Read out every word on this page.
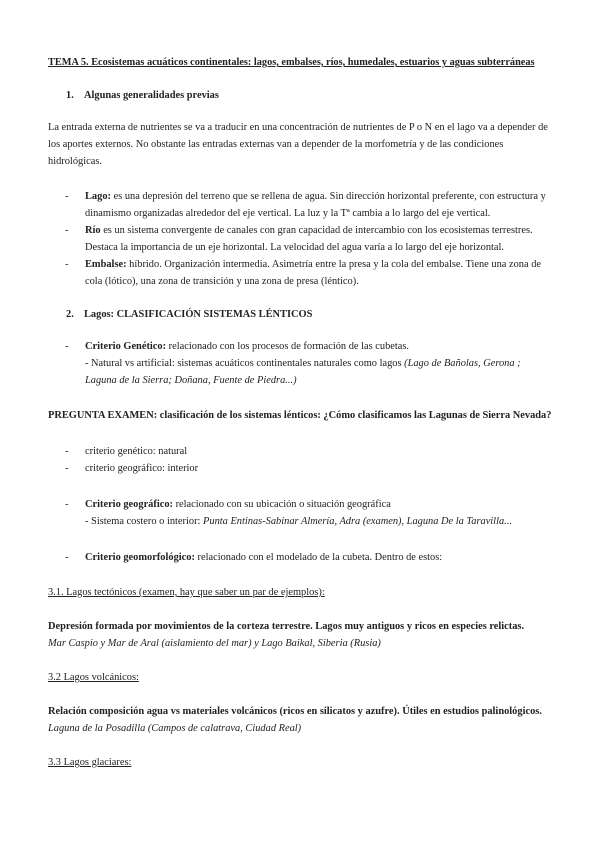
TEMA 5. Ecosistemas acuáticos continentales: lagos, embalses, ríos, humedales, estuarios y aguas subterráneas

1. Algunas generalidades previas

La entrada externa de nutrientes se va a traducir en una concentración de nutrientes de P o N en el lago va a depender de los aportes externos. No obstante las entradas externas van a depender de la morfometría y de las condiciones hidrológicas.

- Lago: es una depresión del terreno que se rellena de agua. Sin dirección horizontal preferente, con estructura y dinamismo organizadas alrededor del eje vertical. La luz y la Tª cambia a lo largo del eje vertical.
- Río es un sistema convergente de canales con gran capacidad de intercambio con los ecosistemas terrestres. Destaca la importancia de un eje horizontal. La velocidad del agua varía a lo largo del eje horizontal.
- Embalse: híbrido. Organización intermedia. Asimetría entre la presa y la cola del embalse. Tiene una zona de cola (lótico), una zona de transición y una zona de presa (léntico).

2. Lagos: CLASIFICACIÓN SISTEMAS LÉNTICOS

- Criterio Genético: relacionado con los procesos de formación de las cubetas.
- Natural vs artificial: sistemas acuáticos continentales naturales como lagos (Lago de Bañolas, Gerona ; Laguna de la Sierra; Doñana, Fuente de Piedra...)

PREGUNTA EXAMEN: clasificación de los sistemas lénticos: ¿Cómo clasificamos las Lagunas de Sierra Nevada?

- criterio genético: natural
- criterio geográfico: interior
- Criterio geográfico: relacionado con su ubicación o situación geográfica
- Sistema costero o interior: Punta Entinas-Sabinar Almería, Adra (examen), Laguna De la Taravilla...
- Criterio geomorfológico: relacionado con el modelado de la cubeta. Dentro de estos:

3.1. Lagos tectónicos (examen, hay que saber un par de ejemplos):

Depresión formada por movimientos de la corteza terrestre. Lagos muy antiguos y ricos en especies relictas.
Mar Caspio y Mar de Aral (aislamiento del mar) y Lago Baikal, Siberia (Rusia)

3.2 Lagos volcánicos:

Relación composición agua vs materiales volcánicos (ricos en silicatos y azufre). Útiles en estudios palinológicos. Laguna de la Posadilla (Campos de calatrava, Ciudad Real)

3.3 Lagos glaciares:
